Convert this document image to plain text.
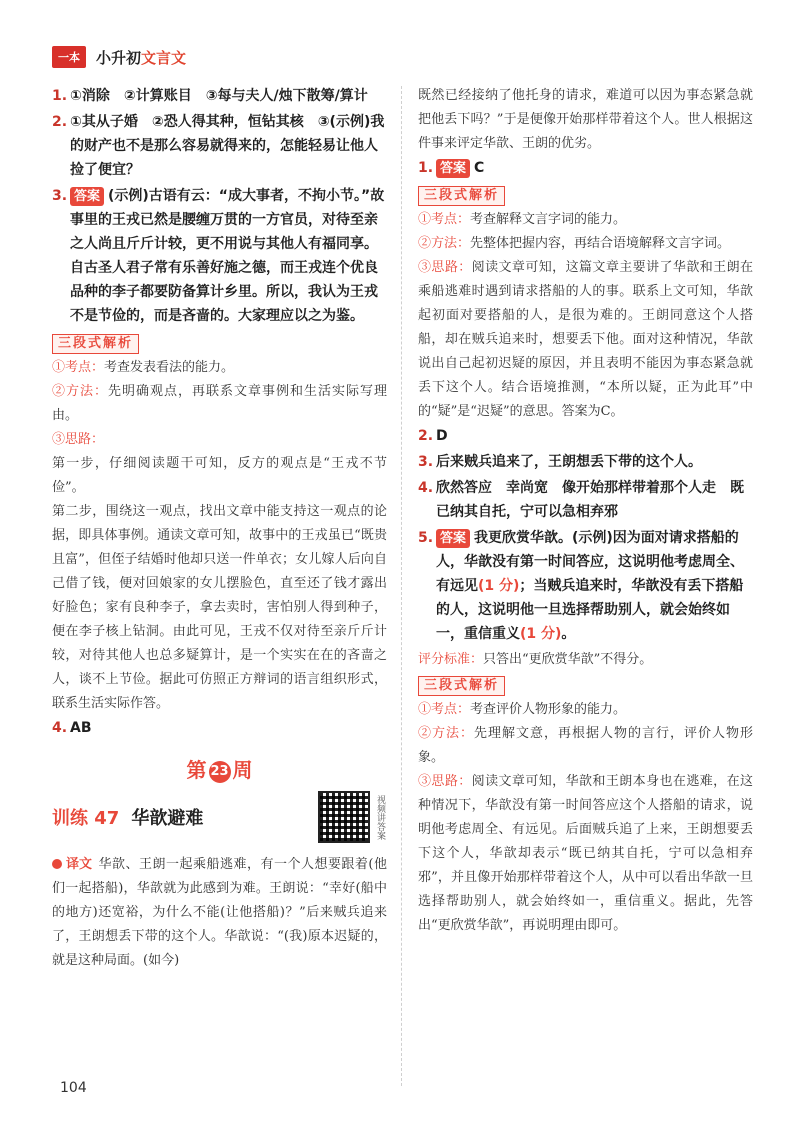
一本	小升初文言文
1. ①消除　②计算账目　③每与夫人/烛下散筹/算计
2. ①其从子婚　②恐人得其种，恒钻其核　③(示例)我的财产也不是那么容易就得来的，怎能轻易让他人捡了便宜？
3. 答案 (示例)古语有云：“成大事者，不拘小节。”故事里的王戎已然是腰缠万贯的一方官员，对待至亲之人尚且斤斤计较，更不用说与其他人有福同享。自古圣人君子常有乐善好施之德，而王戎连个优良品种的李子都要防备算计乡里。所以，我认为王戎不是节俭的，而是吝啬的。大家理应以之为鉴。
三段式解析
①考点：考查发表看法的能力。
②方法：先明确观点，再联系文章事例和生活实际写理由。
③思路：
第一步，仔细阅读题干可知，反方的观点是“王戎不节俭”。
第二步，围绕这一观点，找出文章中能支持这一观点的论据，即具体事例。通读文章可知，故事中的王戎虽已“既贵且富”，但侄子结婚时他却只送一件单衣；女儿嫁人后向自己借了钱，便对回娘家的女儿摆脸色，直至还了钱才露出好脸色；家有良种李子，拿去卖时，害怕别人得到种子，便在李子核上钻洞。由此可见，王戎不仅对待至亲斤斤计较，对待其他人也总多疑算计，是一个实实在在的吝啬之人，谈不上节俭。据此可仿照正方辩词的语言组织形式，联系生活实际作答。
4. AB
第 23 周
训练 47 华歆避难	视频讲答案
译文 华歆、王朗一起乘船逃难，有一个人想要跟着(他们一起搭船)，华歆就为此感到为难。王朗说：“幸好(船中的地方)还宽裕，为什么不能(让他搭船)？”后来贼兵追来了，王朗想丢下带的这个人。华歆说：“(我)原本迟疑的，就是这种局面。(如今)
既然已经接纳了他托身的请求，难道可以因为事态紧急就把他丢下吗？”于是便像开始那样带着这个人。世人根据这件事来评定华歆、王朗的优劣。
1. 答案 C
三段式解析
①考点：考查解释文言字词的能力。
②方法：先整体把握内容，再结合语境解释文言字词。
③思路：阅读文章可知，这篇文章主要讲了华歆和王朗在乘船逃难时遇到请求搭船的人的事。联系上文可知，华歆起初面对要搭船的人，是很为难的。王朗同意这个人搭船，却在贼兵追来时，想要丢下他。面对这种情况，华歆说出自己起初迟疑的原因，并且表明不能因为事态紧急就丢下这个人。结合语境推测，“本所以疑，正为此耳”中的“疑”是“迟疑”的意思。答案为C。
2. D
3. 后来贼兵追来了，王朗想丢下带的这个人。
4. 欣然答应　幸尚宽　像开始那样带着那个人走　既已纳其自托，宁可以急相弃邪
5. 答案 我更欣赏华歆。(示例)因为面对请求搭船的人，华歆没有第一时间答应，这说明他考虑周全、有远见(1 分)；当贼兵追来时，华歆没有丢下搭船的人，这说明他一旦选择帮助别人，就会始终如一，重信重义(1 分)。
评分标准：只答出“更欣赏华歆”不得分。
三段式解析
①考点：考查评价人物形象的能力。
②方法：先理解文意，再根据人物的言行，评价人物形象。
③思路：阅读文章可知，华歆和王朗本身也在逃难，在这种情况下，华歆没有第一时间答应这个人搭船的请求，说明他考虑周全、有远见。后面贼兵追了上来，王朗想要丢下这个人，华歆却表示“既已纳其自托，宁可以急相弃邪”，并且像开始那样带着这个人，从中可以看出华歆一旦选择帮助别人，就会始终如一，重信重义。据此，先答出“更欣赏华歆”，再说明理由即可。
104
